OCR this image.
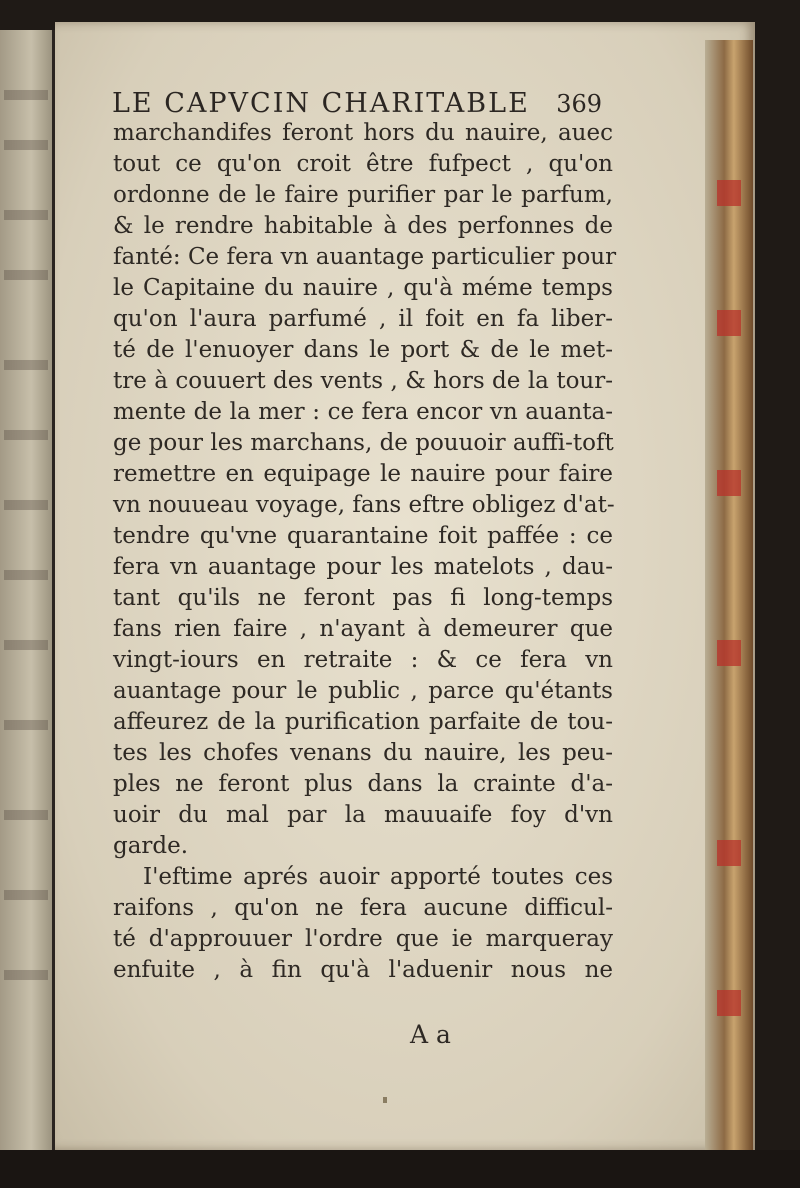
LE CAPVCIN CHARITABLE 369
marchandifes feront hors du nauire, auec
tout ce qu'on croit être fufpect , qu'on
ordonne de le faire purifier par le parfum,
& le rendre habitable à des perfonnes de
fanté: Ce fera vn auantage particulier pour
le Capitaine du nauire , qu'à méme temps
qu'on l'aura parfumé , il foit en fa liber-
té de l'enuoyer dans le port & de le met-
tre à couuert des vents , & hors de la tour-
mente de la mer : ce fera encor vn auanta-
ge pour les marchans, de pouuoir auffi-toft
remettre en equipage le nauire pour faire
vn nouueau voyage, fans eftre obligez d'at-
tendre qu'vne quarantaine foit paffée : ce
fera vn auantage pour les matelots , dau-
tant qu'ils ne feront pas fi long-temps
fans rien faire , n'ayant à demeurer que
vingt-iours en retraite : & ce fera vn
auantage pour le public , parce qu'étants
affeurez de la purification parfaite de tou-
tes les chofes venans du nauire, les peu-
ples ne feront plus dans la crainte d'a-
uoir du mal par la mauuaife foy d'vn
garde.
I'eftime aprés auoir apporté toutes ces
raifons , qu'on ne fera aucune difficul-
té d'approuuer l'ordre que ie marqueray
enfuite , à fin qu'à l'aduenir nous ne
A a
